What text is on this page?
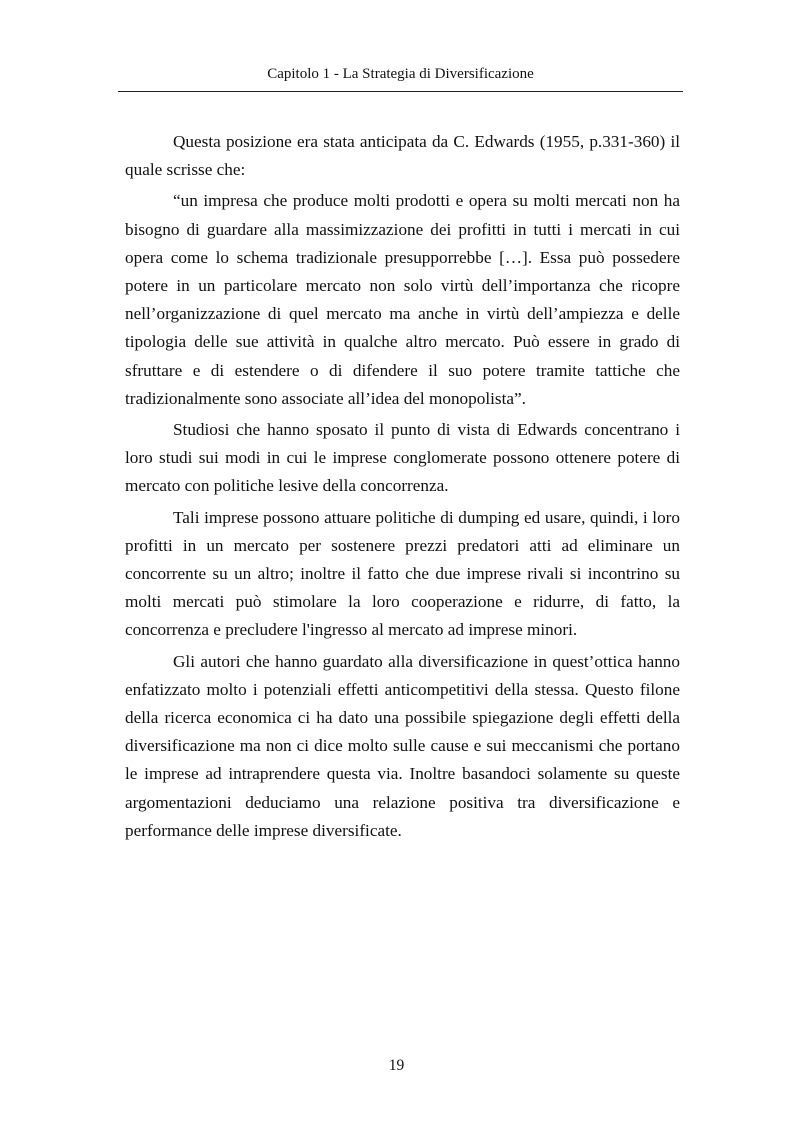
Capitolo 1 - La Strategia di Diversificazione

Questa posizione era stata anticipata da C. Edwards (1955, p.331-360) il quale scrisse che:

“un impresa che produce molti prodotti e opera su molti mercati non ha bisogno di guardare alla massimizzazione dei profitti in tutti i mercati in cui opera come lo schema tradizionale presupporrebbe […]. Essa può possedere potere in un particolare mercato non solo virtù dell’importanza che ricopre nell’organizzazione di quel mercato ma anche in virtù dell’ampiezza e delle tipologia delle sue attività in qualche altro mercato. Può essere in grado di sfruttare e di estendere o di difendere il suo potere tramite tattiche che tradizionalmente sono associate all’idea del monopolista”.

Studiosi che hanno sposato il punto di vista di Edwards concentrano i loro studi sui modi in cui le imprese conglomerate possono ottenere potere di mercato con politiche lesive della concorrenza.

Tali imprese possono attuare politiche di dumping ed usare, quindi, i loro profitti in un mercato per sostenere prezzi predatori atti ad eliminare un concorrente su un altro; inoltre il fatto che due imprese rivali si incontrino su molti mercati può stimolare la loro cooperazione e ridurre, di fatto, la concorrenza e precludere l'ingresso al mercato ad imprese minori.

Gli autori che hanno guardato alla diversificazione in quest’ottica hanno enfatizzato molto i potenziali effetti anticompetitivi della stessa. Questo filone della ricerca economica ci ha dato una possibile spiegazione degli effetti della diversificazione ma non ci dice molto sulle cause e sui meccanismi che portano le imprese ad intraprendere questa via. Inoltre basandoci solamente su queste argomentazioni deduciamo una relazione positiva tra diversificazione e performance delle imprese diversificate.

19
